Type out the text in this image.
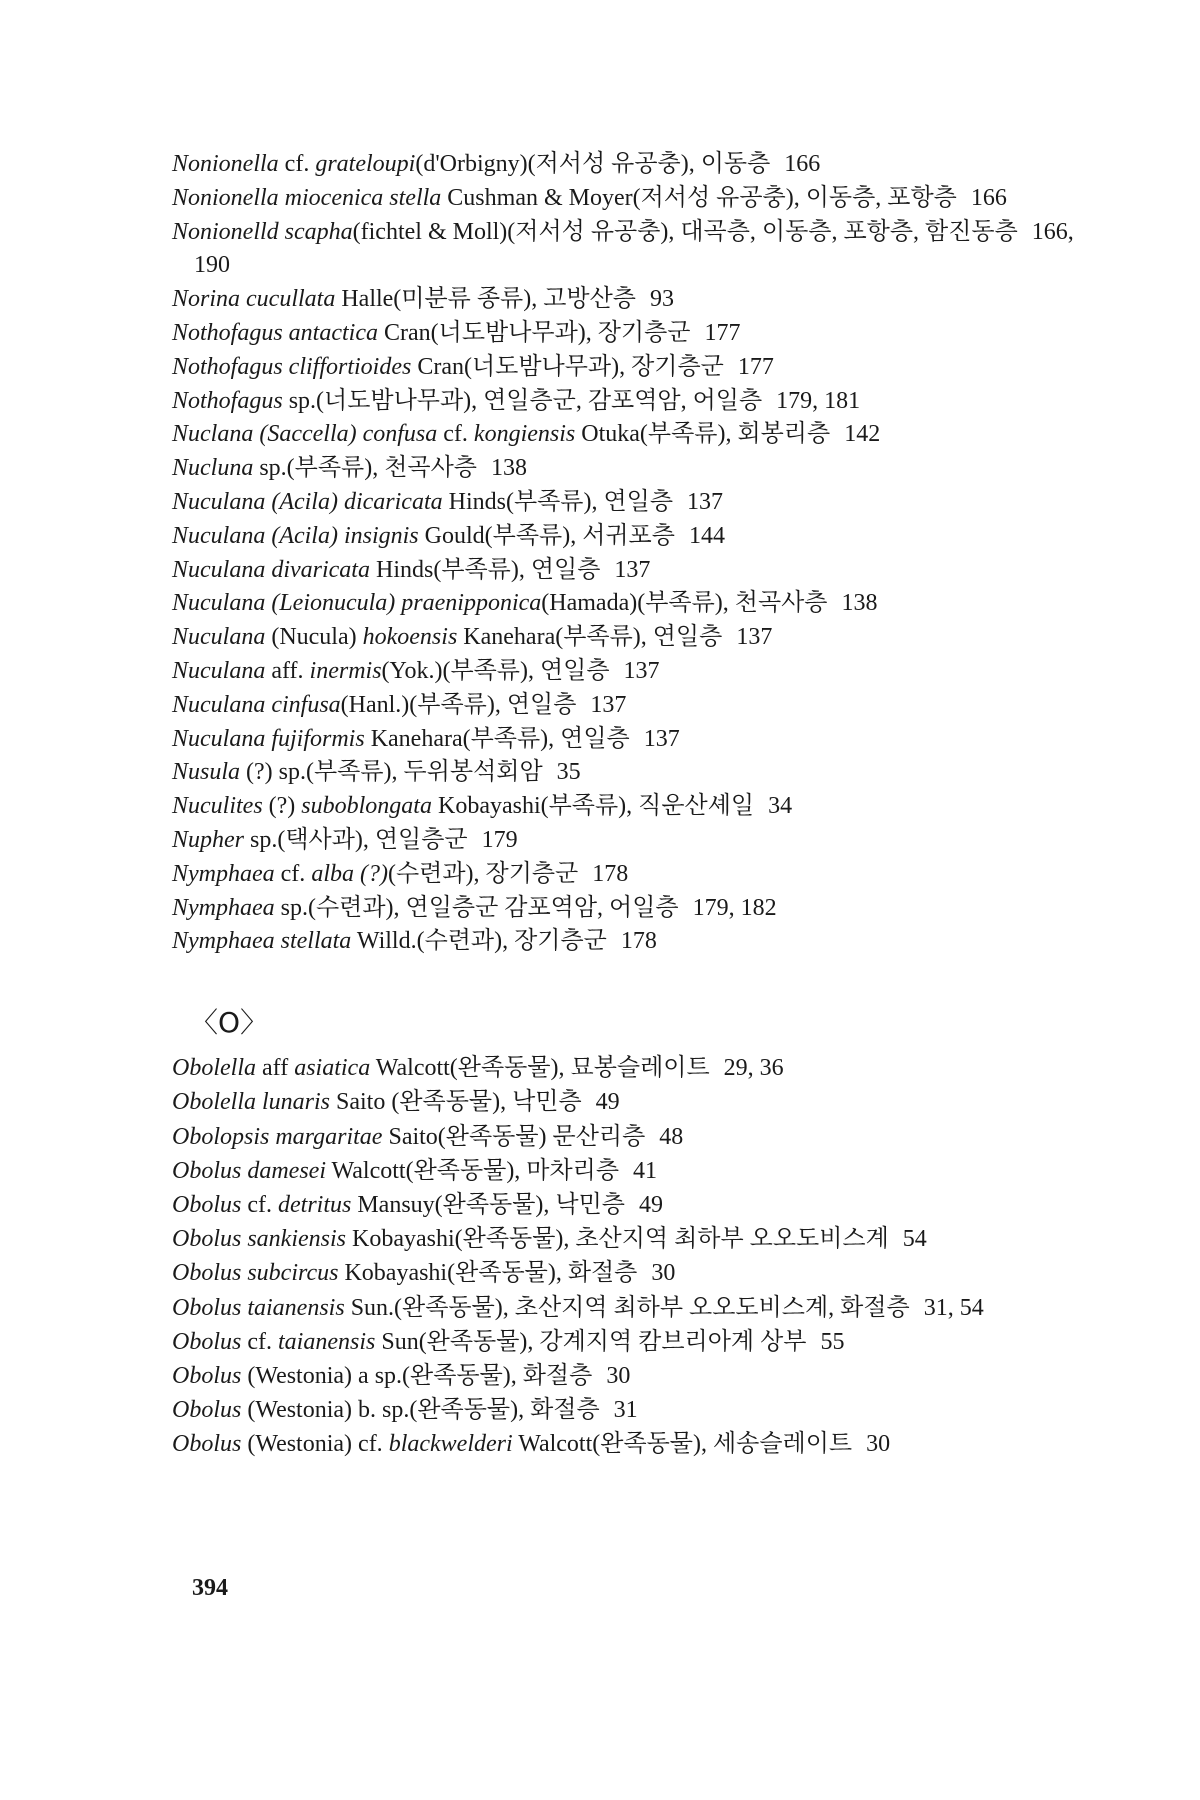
Nonionella cf. grateloupi(d'Orbigny)(저서성 유공충), 이동층 166

Nonionella miocenica stella Cushman & Moyer(저서성 유공충), 이동층, 포항층 166

Nonionelld scapha(fichtel & Moll)(저서성 유공충), 대곡층, 이동층, 포항층, 함진동층 166, 190

Norina cucullata Halle(미분류 종류), 고방산층 93

Nothofagus antactica Cran(너도밤나무과), 장기층군 177

Nothofagus cliffortioides Cran(너도밤나무과), 장기층군 177

Nothofagus sp.(너도밤나무과), 연일층군, 감포역암, 어일층 179, 181

Nuclana (Saccella) confusa cf. kongiensis Otuka(부족류), 회봉리층 142

Nucluna sp.(부족류), 천곡사층 138

Nuculana (Acila) dicaricata Hinds(부족류), 연일층 137

Nuculana (Acila) insignis Gould(부족류), 서귀포층 144

Nuculana divaricata Hinds(부족류), 연일층 137

Nuculana (Leionucula) praenipponica(Hamada)(부족류), 천곡사층 138

Nuculana (Nucula) hokoensis Kanehara(부족류), 연일층 137

Nuculana aff. inermis(Yok.)(부족류), 연일층 137

Nuculana cinfusa(Hanl.)(부족류), 연일층 137

Nuculana fujiformis Kanehara(부족류), 연일층 137

Nusula (?) sp.(부족류), 두위봉석회암 35

Nuculites (?) suboblongata Kobayashi(부족류), 직운산셰일 34

Nupher sp.(택사과), 연일층군 179

Nymphaea cf. alba (?)(수련과), 장기층군 178

Nymphaea sp.(수련과), 연일층군 감포역암, 어일층 179, 182

Nymphaea stellata Willd.(수련과), 장기층군 178

〈O〉

Obolella aff asiatica Walcott(완족동물), 묘봉슬레이트 29, 36

Obolella lunaris Saito (완족동물), 낙민층 49

Obolopsis margaritae Saito(완족동물) 문산리층 48

Obolus damesei Walcott(완족동물), 마차리층 41

Obolus cf. detritus Mansuy(완족동물), 낙민층 49

Obolus sankiensis Kobayashi(완족동물), 초산지역 최하부 오오도비스계 54

Obolus subcircus Kobayashi(완족동물), 화절층 30

Obolus taianensis Sun.(완족동물), 초산지역 최하부 오오도비스계, 화절층 31, 54

Obolus cf. taianensis Sun(완족동물), 강계지역 캄브리아계 상부 55

Obolus (Westonia) a sp.(완족동물), 화절층 30

Obolus (Westonia) b. sp.(완족동물), 화절층 31

Obolus (Westonia) cf. blackwelderi Walcott(완족동물), 세송슬레이트 30

394
